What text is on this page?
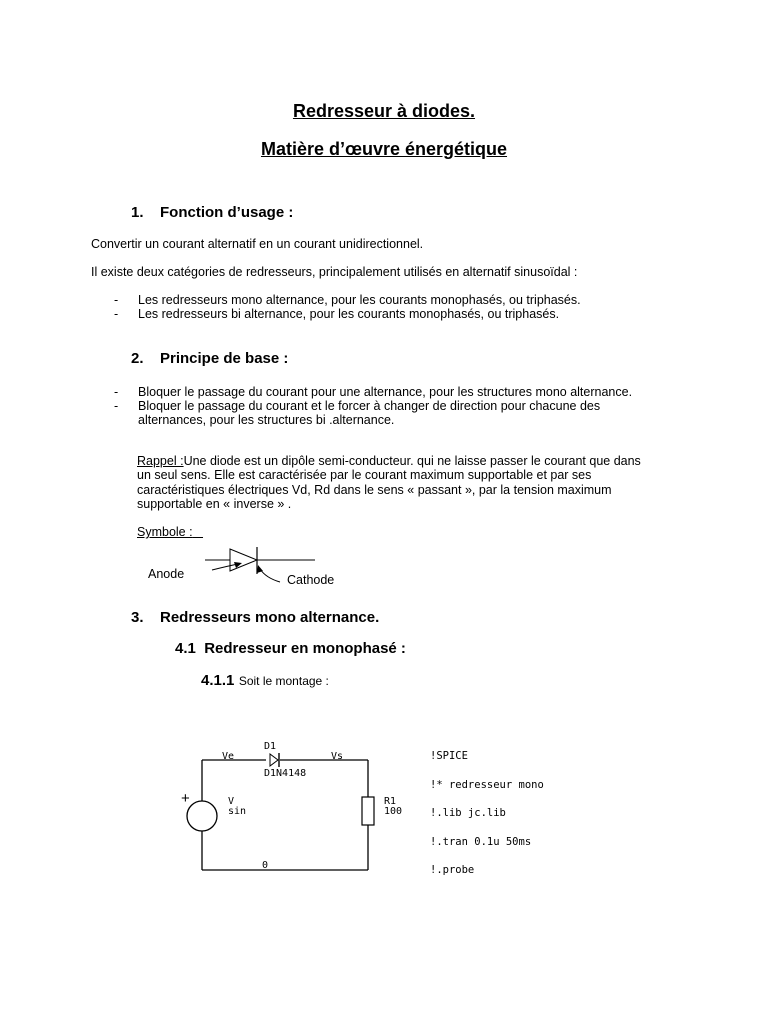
Redresseur à diodes.
Matière d’œuvre énergétique
1. Fonction d’usage :
Convertir un courant alternatif en un courant unidirectionnel.
Il existe deux catégories de redresseurs, principalement utilisés en alternatif sinusoïdal :
- Les redresseurs mono alternance, pour les courants monophasés, ou triphasés.
- Les redresseurs bi alternance, pour les courants monophasés, ou triphasés.
2. Principe de base :
- Bloquer le passage du courant pour une alternance, pour les structures mono alternance.
- Bloquer le passage du courant et le forcer à changer de direction pour chacune des
alternances, pour les structures bi .alternance.
Rappel :Une diode est un dipôle semi-conducteur. qui ne laisse passer le courant que dans
un seul sens. Elle est caractérisée par le courant maximum supportable et par ses
caractéristiques électriques Vd, Rd dans le sens « passant », par la tension maximum
supportable en « inverse » .
Symbole :
Anode	Cathode
3. Redresseurs mono alternance.
4.1 Redresseur en monophasé :
4.1.1 Soit le montage :
D1
Ve	Vs
D1N4148
+	V
sin
R1
100
0

!SPICE

!* redresseur mono

!.lib jc.lib

!.tran 0.1u 50ms

!.probe
